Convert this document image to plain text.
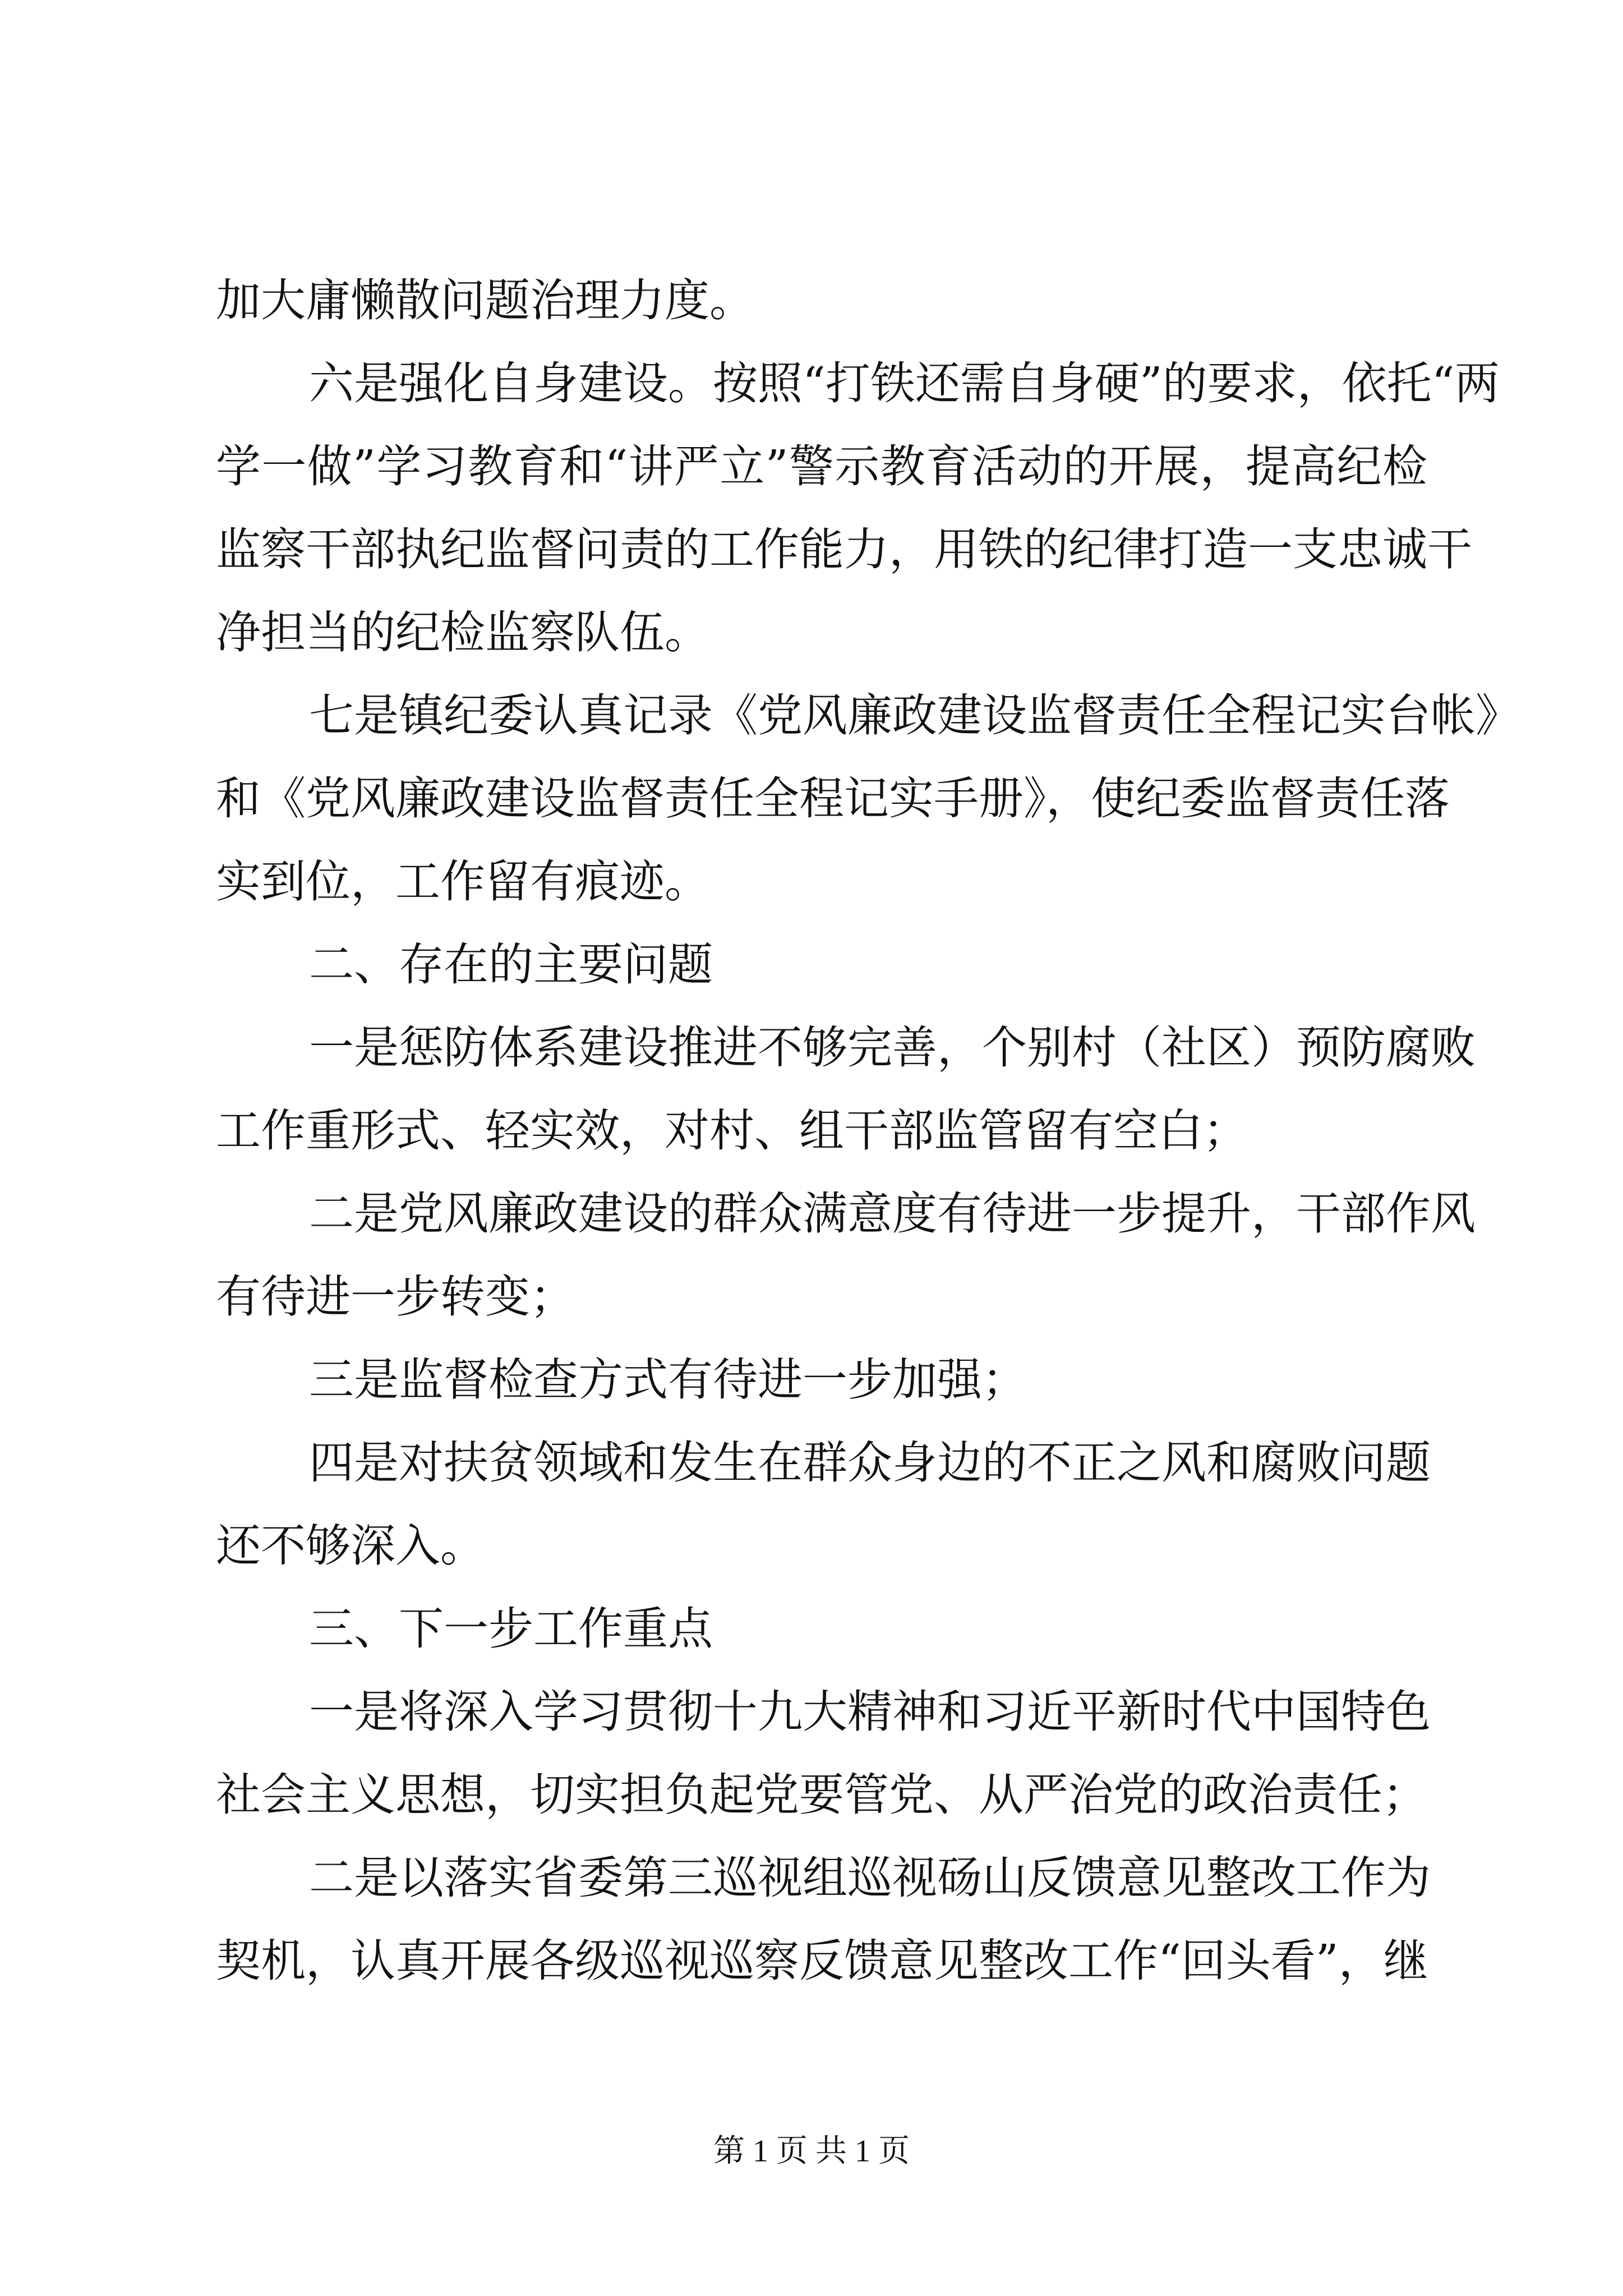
加大庸懒散问题治理力度。
六是强化自身建设。按照“打铁还需自身硬”的要求，依托“两
学一做”学习教育和“讲严立”警示教育活动的开展，提高纪检
监察干部执纪监督问责的工作能力，用铁的纪律打造一支忠诚干
净担当的纪检监察队伍。
七是镇纪委认真记录《党风廉政建设监督责任全程记实台帐》
和《党风廉政建设监督责任全程记实手册》，使纪委监督责任落
实到位，工作留有痕迹。
二、存在的主要问题
一是惩防体系建设推进不够完善，个别村（社区）预防腐败
工作重形式、轻实效，对村、组干部监管留有空白；
二是党风廉政建设的群众满意度有待进一步提升，干部作风
有待进一步转变；
三是监督检查方式有待进一步加强；
四是对扶贫领域和发生在群众身边的不正之风和腐败问题
还不够深入。
三、下一步工作重点
一是将深入学习贯彻十九大精神和习近平新时代中国特色
社会主义思想，切实担负起党要管党、从严治党的政治责任；
二是以落实省委第三巡视组巡视砀山反馈意见整改工作为
契机，认真开展各级巡视巡察反馈意见整改工作“回头看”，继
第 1 页 共 1 页
